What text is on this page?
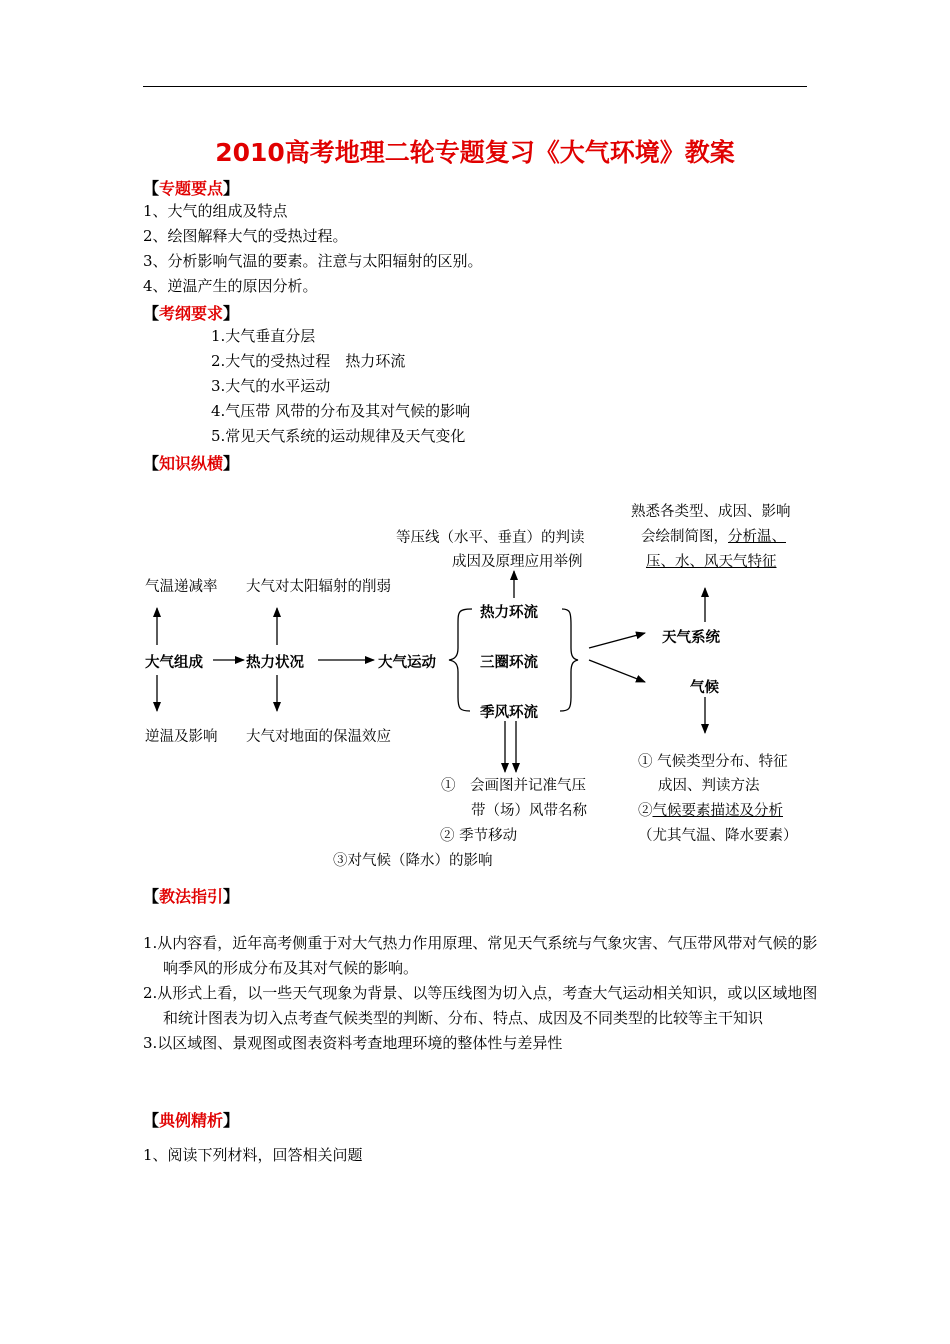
2010高考地理二轮专题复习《大气环境》教案
【专题要点】
1、大气的组成及特点
2、绘图解释大气的受热过程。
3、分析影响气温的要素。注意与太阳辐射的区别。
4、逆温产生的原因分析。
【考纲要求】
1.大气垂直分层
2.大气的受热过程　热力环流
3.大气的水平运动
4.气压带 风带的分布及其对气候的影响
5.常见天气系统的运动规律及天气变化
【知识纵横】
气温递减率 大气对太阳辐射的削弱
大气组成	热力状况	大气运动
逆温及影响 大气对地面的保温效应
热力环流
三圈环流
季风环流
等压线（水平、垂直）的判读
成因及原理应用举例
熟悉各类型、成因、影响
会绘制简图，分析温、
压、水、风天气特征
天气系统
气候
①　会画图并记准气压
带（场）风带名称
② 季节移动
③对气候（降水）的影响
① 气候类型分布、特征
成因、判读方法
②气候要素描述及分析
（尤其气温、降水要素）
【教法指引】
1.从内容看，近年高考侧重于对大气热力作用原理、常见天气系统与气象灾害、气压带风带对气候的影响季风的形成分布及其对气候的影响。
2.从形式上看，以一些天气现象为背景、以等压线图为切入点，考查大气运动相关知识，或以区域地图和统计图表为切入点考查气候类型的判断、分布、特点、成因及不同类型的比较等主干知识
3.以区域图、景观图或图表资料考查地理环境的整体性与差异性
【典例精析】
1、阅读下列材料，回答相关问题
